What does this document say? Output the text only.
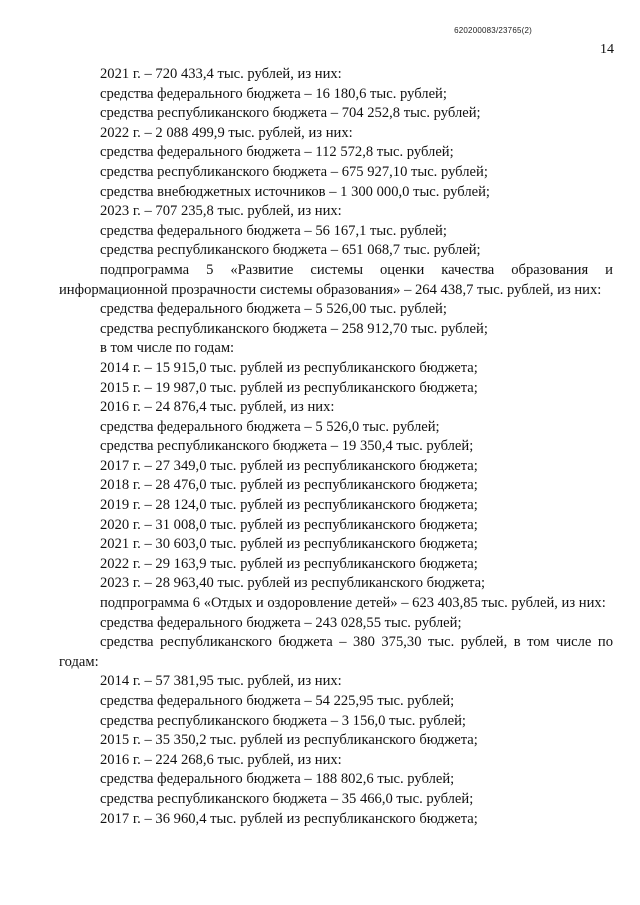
620200083/23765(2)
14

2021 г. – 720 433,4 тыс. рублей, из них:

средства федерального бюджета – 16 180,6 тыс. рублей;

средства республиканского бюджета – 704 252,8 тыс. рублей;

2022 г. – 2 088 499,9 тыс. рублей, из них:

средства федерального бюджета – 112 572,8 тыс. рублей;

средства республиканского бюджета – 675 927,10 тыс. рублей;

средства внебюджетных источников – 1 300 000,0 тыс. рублей;

2023 г. – 707 235,8 тыс. рублей, из них:

средства федерального бюджета – 56 167,1 тыс. рублей;

средства республиканского бюджета – 651 068,7 тыс. рублей;

подпрограмма 5 «Развитие системы оценки качества образования и информационной прозрачности системы образования» – 264 438,7 тыс. рублей, из них:

средства федерального бюджета – 5 526,00 тыс. рублей;

средства республиканского бюджета – 258 912,70 тыс. рублей;

в том числе по годам:

2014 г. – 15 915,0 тыс. рублей из республиканского бюджета;

2015 г. – 19 987,0 тыс. рублей из республиканского бюджета;

2016 г. – 24 876,4 тыс. рублей, из них:

средства федерального бюджета – 5 526,0 тыс. рублей;

средства республиканского бюджета – 19 350,4 тыс. рублей;

2017 г. – 27 349,0 тыс. рублей из республиканского бюджета;

2018 г. – 28 476,0 тыс. рублей из республиканского бюджета;

2019 г. – 28 124,0 тыс. рублей из республиканского бюджета;

2020 г. – 31 008,0 тыс. рублей из республиканского бюджета;

2021 г. – 30 603,0 тыс. рублей из республиканского бюджета;

2022 г. – 29 163,9 тыс. рублей из республиканского бюджета;

2023 г. – 28 963,40 тыс. рублей из республиканского бюджета;

подпрограмма 6 «Отдых и оздоровление детей» – 623 403,85 тыс. рублей, из них:

средства федерального бюджета – 243 028,55 тыс. рублей;

средства республиканского бюджета – 380 375,30 тыс. рублей, в том числе по годам:

2014 г. – 57 381,95 тыс. рублей, из них:

средства федерального бюджета – 54 225,95 тыс. рублей;

средства республиканского бюджета – 3 156,0 тыс. рублей;

2015 г. – 35 350,2 тыс. рублей из республиканского бюджета;

2016 г. – 224 268,6 тыс. рублей, из них:

средства федерального бюджета – 188 802,6 тыс. рублей;

средства республиканского бюджета – 35 466,0 тыс. рублей;

2017 г. – 36 960,4 тыс. рублей из республиканского бюджета;
